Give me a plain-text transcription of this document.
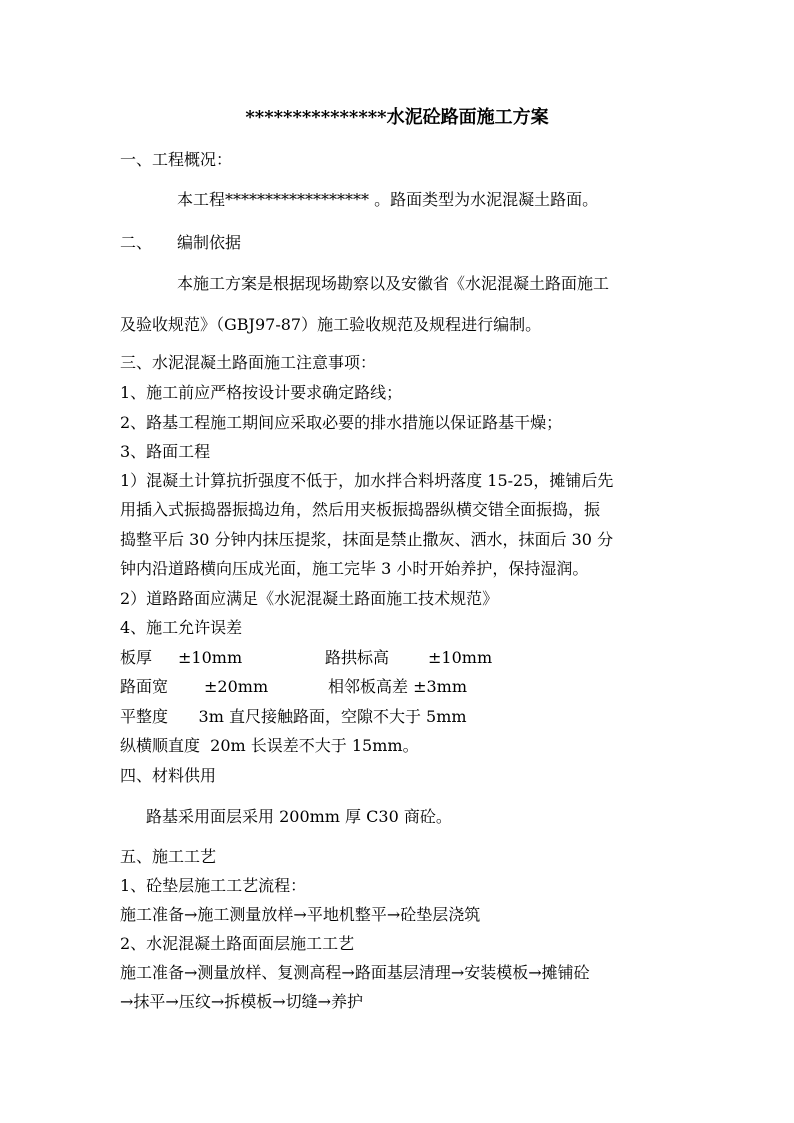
***************水泥砼路面施工方案
一、工程概况：
本工程****************** 。路面类型为水泥混凝土路面。
二、 编制依据
本施工方案是根据现场勘察以及安徽省《水泥混凝土路面施工
及验收规范》（GBJ97-87）施工验收规范及规程进行编制。
三、水泥混凝土路面施工注意事项：
1、施工前应严格按设计要求确定路线；
2、路基工程施工期间应采取必要的排水措施以保证路基干燥；
3、路面工程
1）混凝土计算抗折强度不低于，加水拌合料坍落度 15-25，摊铺后先
用插入式振捣器振捣边角，然后用夹板振捣器纵横交错全面振捣，振
捣整平后 30 分钟内抹压提浆，抹面是禁止撒灰、洒水，抹面后 30 分
钟内沿道路横向压成光面，施工完毕 3 小时开始养护，保持湿润。
2）道路路面应满足《水泥混凝土路面施工技术规范》
4、施工允许误差
板厚 ±10mm	路拱标高 ±10mm
路面宽 ±20mm	相邻板高差 ±3mm
平整度      3m 直尺接触路面，空隙不大于 5mm
纵横顺直度  20m 长误差不大于 15mm。
四、材料供用
路基采用面层采用 200mm 厚 C30 商砼。
五、施工工艺
1、砼垫层施工工艺流程：
施工准备→施工测量放样→平地机整平→砼垫层浇筑
2、水泥混凝土路面面层施工工艺
施工准备→测量放样、复测高程→路面基层清理→安装模板→摊铺砼
→抹平→压纹→拆模板→切缝→养护
